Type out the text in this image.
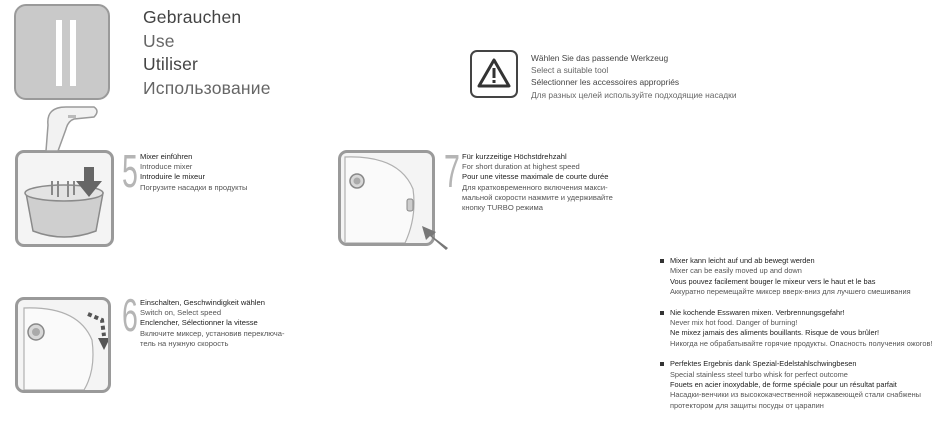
Gebrauchen
Use
Utiliser
Использование
Wählen Sie das passende Werkzeug
Select a suitable tool
Sélectionner les accessoires appropriés
Для разных целей используйте подходящие насадки
5 Mixer einführen
Introduce mixer
Introduire le mixeur
Погрузите насадки в продукты
6 Einschalten, Geschwindigkeit wählen
Switch on, Select speed
Enclencher, Sélectionner la vitesse
Включите миксер, установив переключа-
тель на нужную скорость
7 Für kurzzeitige Höchstdrehzahl
For short duration at highest speed
Pour une vitesse maximale de courte durée
Для кратковременного включения макси-
мальной скорости нажмите и удерживайте
кнопку TURBO режима
Mixer kann leicht auf und ab bewegt werden
Mixer can be easily moved up and down
Vous pouvez facilement bouger le mixeur vers le haut et le bas
Аккуратно перемещайте миксер вверх-вниз для лучшего смешивания
Nie kochende Esswaren mixen. Verbrennungsgefahr!
Never mix hot food. Danger of burning!
Ne mixez jamais des aliments bouillants. Risque de vous brûler!
Никогда не обрабатывайте горячие продукты. Опасность получения ожогов!
Perfektes Ergebnis dank Spezial-Edelstahlschwingbesen
Special stainless steel turbo whisk for perfect outcome
Fouets en acier inoxydable, de forme spéciale pour un résultat parfait
Насадки-венчики из высококачественной нержавеющей стали снабжены
протектором для защиты посуды от царапин
